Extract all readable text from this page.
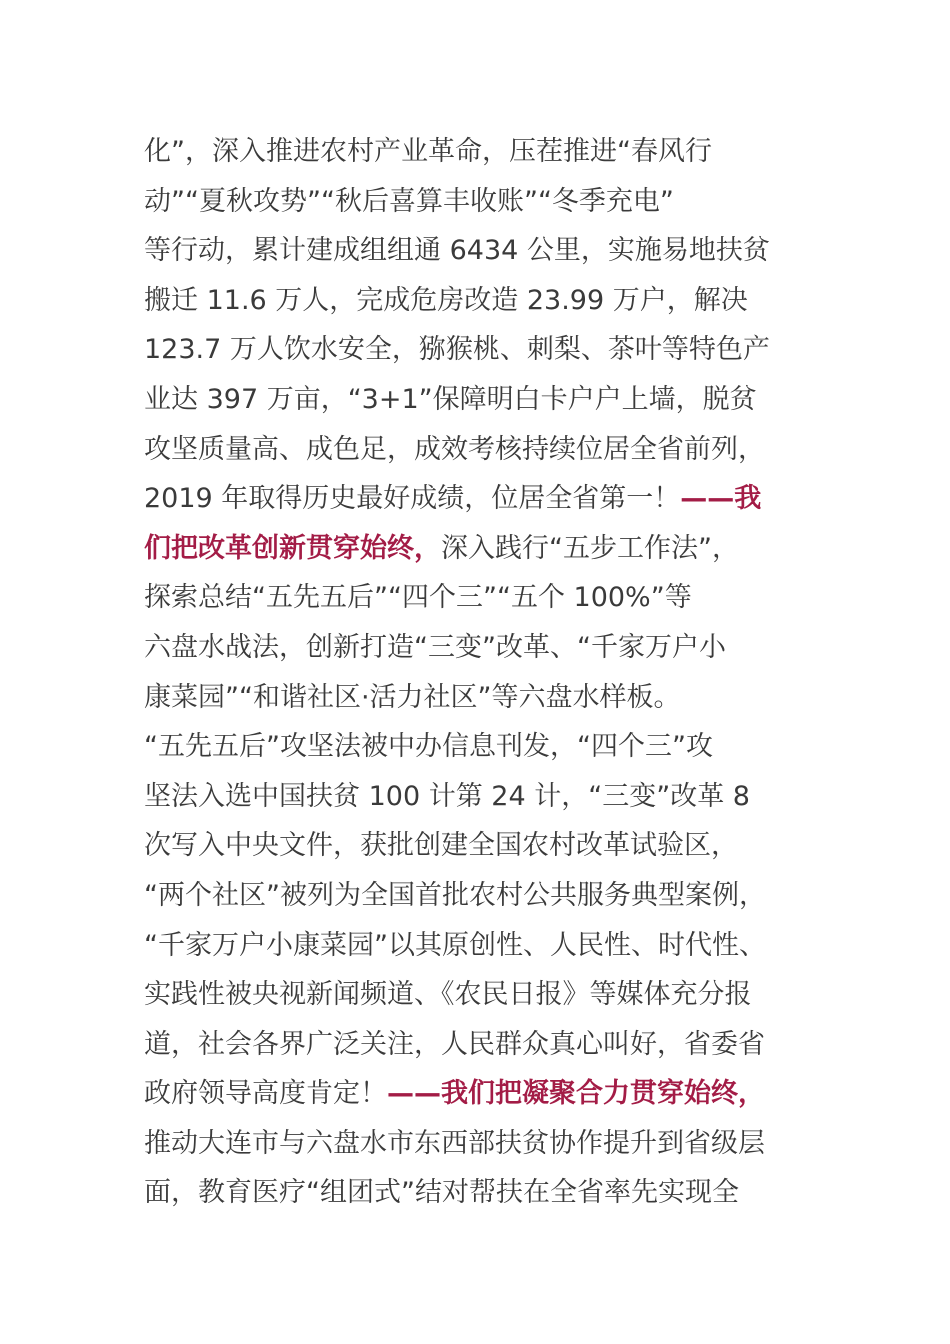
化”，深入推进农村产业革命，压茬推进“春风行
动”“夏秋攻势”“秋后喜算丰收账”“冬季充电”
等行动，累计建成组组通 6434 公里，实施易地扶贫
搬迁 11.6 万人，完成危房改造 23.99 万户，解决
123.7 万人饮水安全，猕猴桃、刺梨、茶叶等特色产
业达 397 万亩，“3+1”保障明白卡户户上墙，脱贫
攻坚质量高、成色足，成效考核持续位居全省前列，
2019 年取得历史最好成绩，位居全省第一！——我
们把改革创新贯穿始终，深入践行“五步工作法”，
探索总结“五先五后”“四个三”“五个 100%”等
六盘水战法，创新打造“三变”改革、“千家万户小
康菜园”“和谐社区·活力社区”等六盘水样板。
“五先五后”攻坚法被中办信息刊发，“四个三”攻
坚法入选中国扶贫 100 计第 24 计，“三变”改革 8
次写入中央文件，获批创建全国农村改革试验区，
“两个社区”被列为全国首批农村公共服务典型案例，
“千家万户小康菜园”以其原创性、人民性、时代性、
实践性被央视新闻频道、《农民日报》等媒体充分报
道，社会各界广泛关注，人民群众真心叫好，省委省
政府领导高度肯定！——我们把凝聚合力贯穿始终，
推动大连市与六盘水市东西部扶贫协作提升到省级层
面，教育医疗“组团式”结对帮扶在全省率先实现全
